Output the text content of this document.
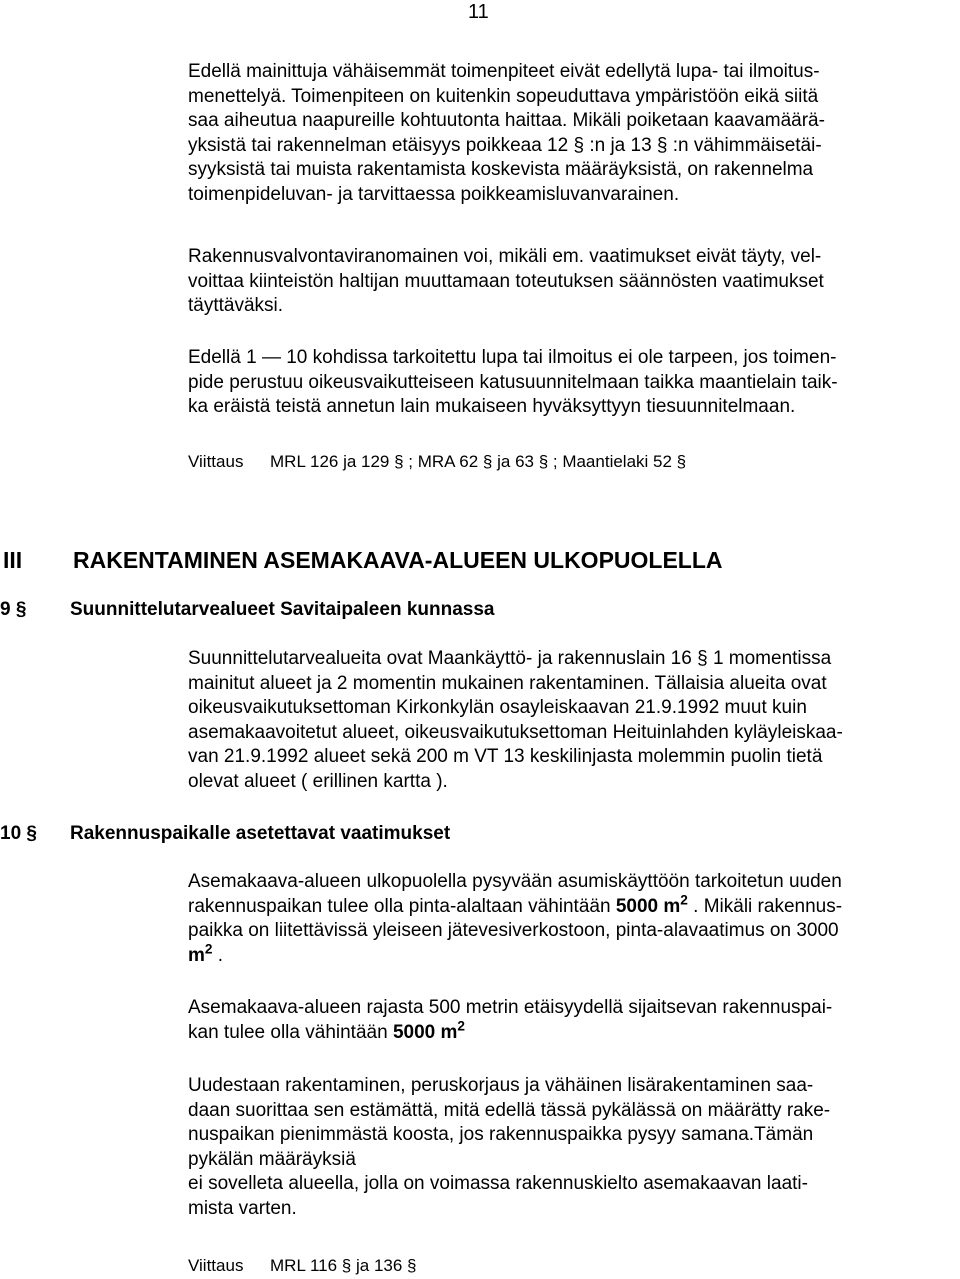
11
Edellä mainittuja vähäisemmät toimenpiteet eivät edellytä lupa- tai ilmoitus-
menettelyä. Toimenpiteen on kuitenkin sopeuduttava ympäristöön eikä siitä
saa aiheutua naapureille kohtuutonta haittaa. Mikäli poiketaan kaavamäärä-
yksistä tai rakennelman etäisyys poikkeaa 12 § :n ja 13 § :n vähimmäisetäi-
syyksistä tai muista rakentamista koskevista määräyksistä, on rakennelma
toimenpideluvan- ja tarvittaessa poikkeamisluvanvarainen.
Rakennusvalvontaviranomainen voi, mikäli em. vaatimukset eivät täyty, vel-
voittaa kiinteistön haltijan muuttamaan toteutuksen säännösten vaatimukset
täyttäväksi.
Edellä 1 — 10 kohdissa tarkoitettu lupa tai ilmoitus ei ole tarpeen, jos toimen-
pide perustuu oikeusvaikutteiseen katusuunnitelmaan taikka maantielain taik-
ka eräistä teistä annetun lain mukaiseen hyväksyttyyn tiesuunnitelmaan.
Viittaus MRL 126 ja 129 § ; MRA 62 § ja 63 § ; Maantielaki 52 §
III RAKENTAMINEN ASEMAKAAVA-ALUEEN ULKOPUOLELLA
9 § Suunnittelutarvealueet Savitaipaleen kunnassa
Suunnittelutarvealueita ovat Maankäyttö- ja rakennuslain 16 § 1 momentissa
mainitut alueet ja 2 momentin mukainen rakentaminen. Tällaisia alueita ovat
oikeusvaikutuksettoman Kirkonkylän osayleiskaavan 21.9.1992 muut kuin
asemakaavoitetut alueet, oikeusvaikutuksettoman Heituinlahden kyläyleiskaa-
van 21.9.1992 alueet sekä 200 m VT 13 keskilinjasta molemmin puolin tietä
olevat alueet ( erillinen kartta ).
10 § Rakennuspaikalle asetettavat vaatimukset
Asemakaava-alueen ulkopuolella pysyvään asumiskäyttöön tarkoitetun uuden
rakennuspaikan tulee olla pinta-alaltaan vähintään 5000 $m^2$ . Mikäli rakennus-
paikka on liitettävissä yleiseen jätevesiverkostoon, pinta-alavaatimus on 3000
$m^2$ .
Asemakaava-alueen rajasta 500 metrin etäisyydellä sijaitsevan rakennuspai-
kan tulee olla vähintään 5000 $m^2$
Uudestaan rakentaminen, peruskorjaus ja vähäinen lisärakentaminen saa-
daan suorittaa sen estämättä, mitä edellä tässä pykälässä on määrätty rake-
nuspaikan pienimmästä koosta, jos rakennuspaikka pysyy samana.Tämän
pykälän määräyksiä
ei sovelleta alueella, jolla on voimassa rakennuskielto asemakaavan laati-
mista varten.
Viittaus MRL 116 § ja 136 §
